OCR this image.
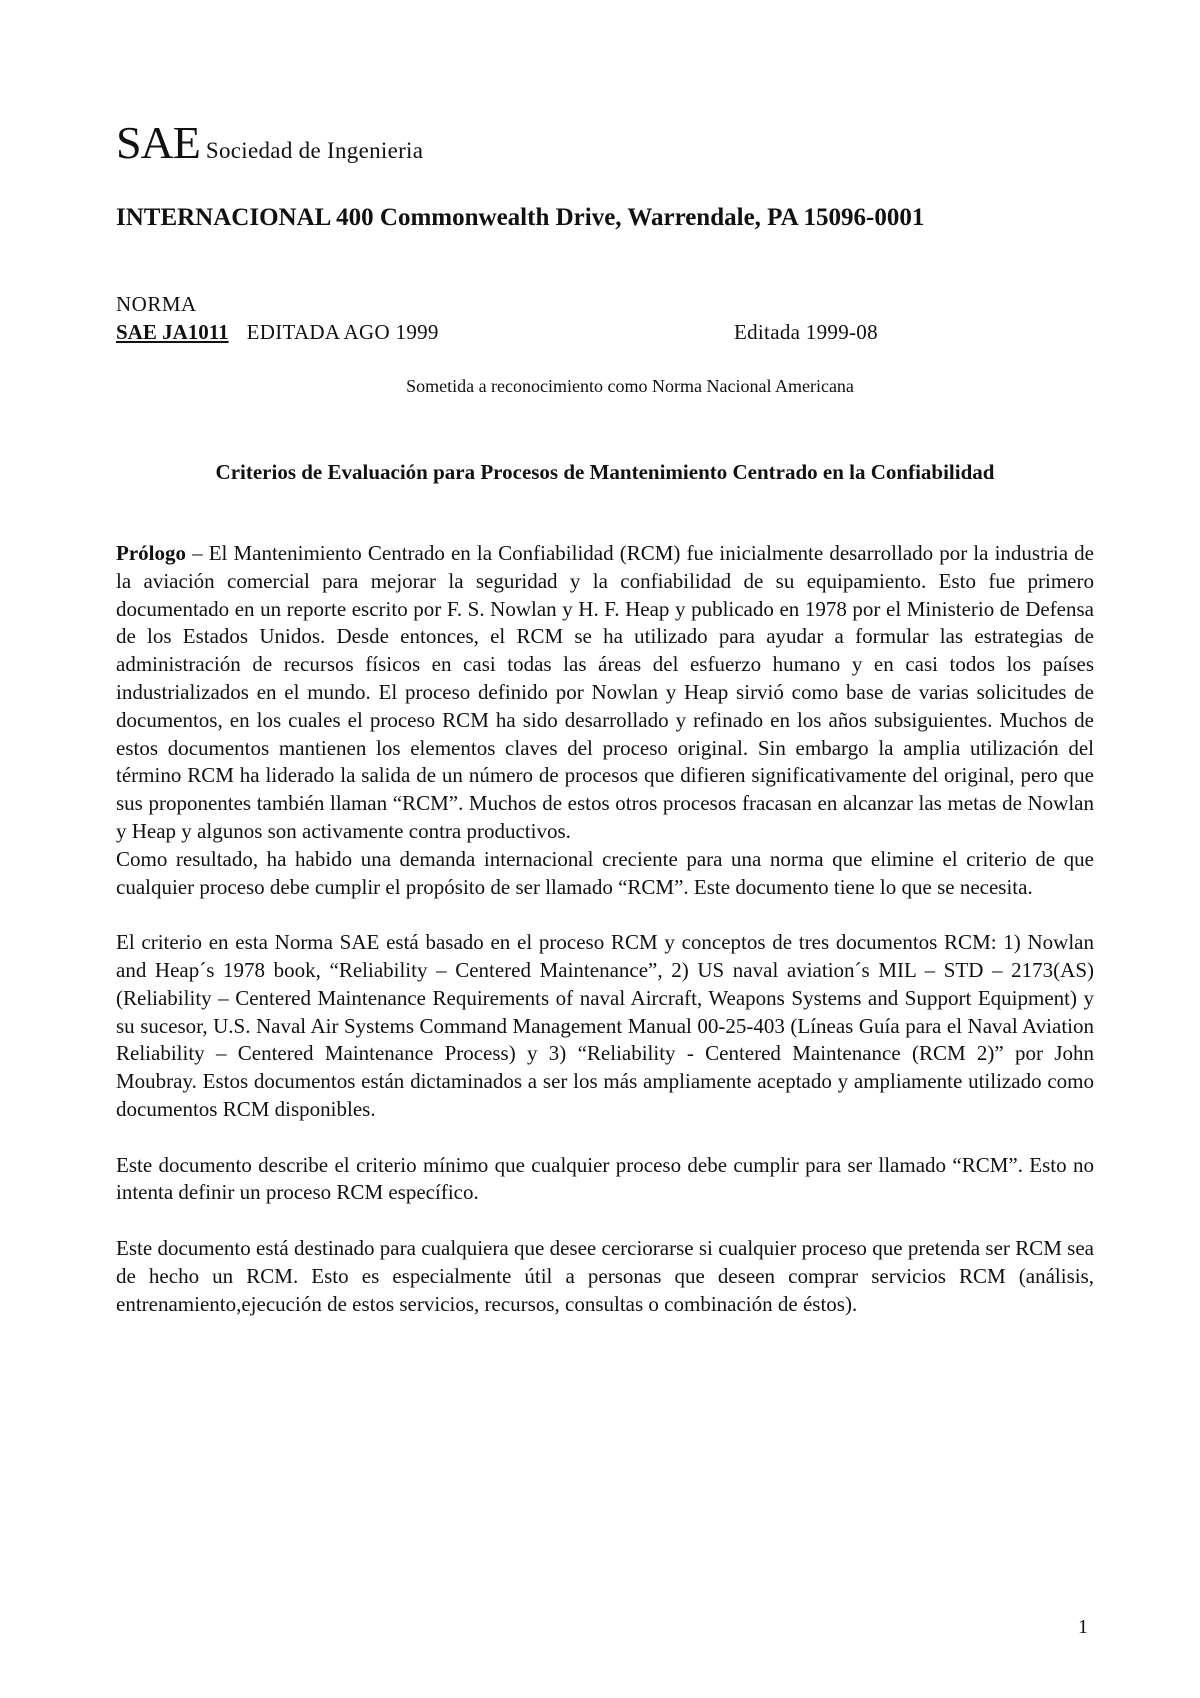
SAE Sociedad de Ingenieria
INTERNACIONAL 400 Commonwealth Drive, Warrendale, PA 15096-0001
NORMA
SAE JA1011 EDITADA AGO 1999	Editada 1999-08
Sometida a reconocimiento como Norma Nacional Americana
Criterios de Evaluación para Procesos de Mantenimiento Centrado en la Confiabilidad

Prólogo – El Mantenimiento Centrado en la Confiabilidad (RCM) fue inicialmente desarrollado por la industria de la aviación comercial para mejorar la seguridad y la confiabilidad de su equipamiento. Esto fue primero documentado en un reporte escrito por F. S. Nowlan y H. F. Heap y publicado en 1978 por el Ministerio de Defensa de los Estados Unidos. Desde entonces, el RCM se ha utilizado para ayudar a formular las estrategias de administración de recursos físicos en casi todas las áreas del esfuerzo humano y en casi todos los países industrializados en el mundo. El proceso definido por Nowlan y Heap sirvió como base de varias solicitudes de documentos, en los cuales el proceso RCM ha sido desarrollado y refinado en los años subsiguientes. Muchos de estos documentos mantienen los elementos claves del proceso original. Sin embargo la amplia utilización del término RCM ha liderado la salida de un número de procesos que difieren significativamente del original, pero que sus proponentes también llaman “RCM”. Muchos de estos otros procesos fracasan en alcanzar las metas de Nowlan y Heap y algunos son activamente contra productivos.

Como resultado, ha habido una demanda internacional creciente para una norma que elimine el criterio de que cualquier proceso debe cumplir el propósito de ser llamado “RCM”. Este documento tiene lo que se necesita.

El criterio en esta Norma SAE está basado en el proceso RCM y conceptos de tres documentos RCM: 1) Nowlan and Heap´s 1978 book, “Reliability – Centered Maintenance”, 2) US naval aviation´s MIL – STD – 2173(AS) (Reliability – Centered Maintenance Requirements of naval Aircraft, Weapons Systems and Support Equipment) y su sucesor, U.S. Naval Air Systems Command Management Manual 00-25-403 (Líneas Guía para el Naval Aviation Reliability – Centered Maintenance Process) y 3) “Reliability - Centered Maintenance (RCM 2)” por John Moubray. Estos documentos están dictaminados a ser los más ampliamente aceptado y ampliamente utilizado como documentos RCM disponibles.

Este documento describe el criterio mínimo que cualquier proceso debe cumplir para ser llamado “RCM”. Esto no intenta definir un proceso RCM específico.

Este documento está destinado para cualquiera que desee cerciorarse si cualquier proceso que pretenda ser RCM sea de hecho un RCM. Esto es especialmente útil a personas que deseen comprar servicios RCM (análisis, entrenamiento,ejecución de estos servicios, recursos, consultas o combinación de éstos).

1
